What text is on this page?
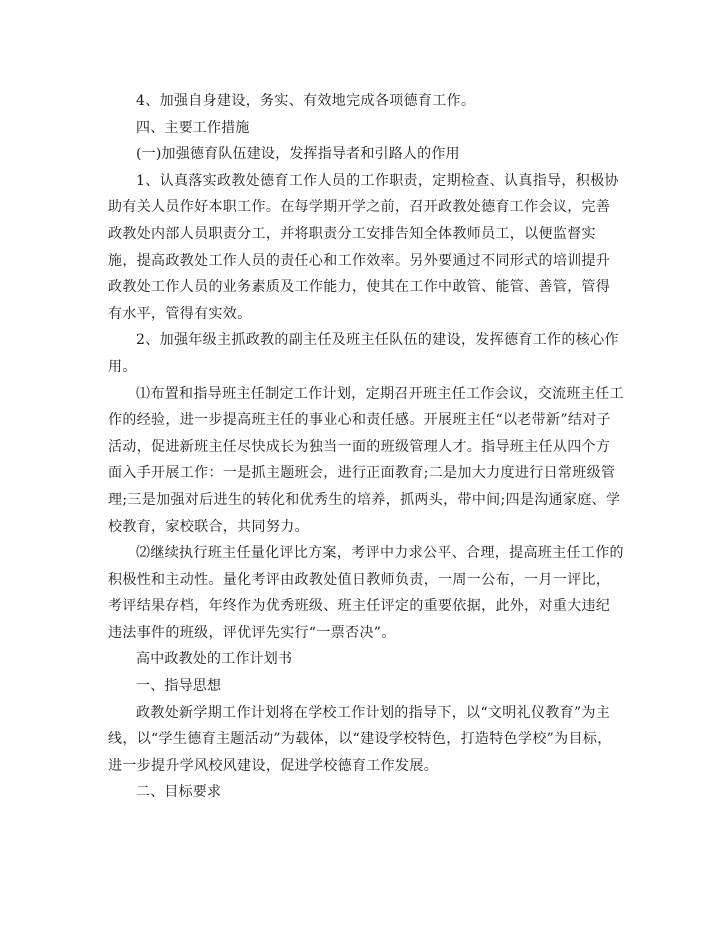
4、加强自身建设，务实、有效地完成各项德育工作。

四、主要工作措施

(一)加强德育队伍建设，发挥指导者和引路人的作用

1、认真落实政教处德育工作人员的工作职责，定期检查、认真指导，积极协助有关人员作好本职工作。在每学期开学之前，召开政教处德育工作会议，完善政教处内部人员职责分工，并将职责分工安排告知全体教师员工，以便监督实施，提高政教处工作人员的责任心和工作效率。另外要通过不同形式的培训提升政教处工作人员的业务素质及工作能力，使其在工作中敢管、能管、善管，管得有水平，管得有实效。

2、加强年级主抓政教的副主任及班主任队伍的建设，发挥德育工作的核心作用。

⑴布置和指导班主任制定工作计划，定期召开班主任工作会议，交流班主任工作的经验，进一步提高班主任的事业心和责任感。开展班主任“以老带新”结对子活动，促进新班主任尽快成长为独当一面的班级管理人才。指导班主任从四个方面入手开展工作：一是抓主题班会，进行正面教育;二是加大力度进行日常班级管理;三是加强对后进生的转化和优秀生的培养，抓两头，带中间;四是沟通家庭、学校教育，家校联合，共同努力。

⑵继续执行班主任量化评比方案，考评中力求公平、合理，提高班主任工作的积极性和主动性。量化考评由政教处值日教师负责，一周一公布，一月一评比，考评结果存档，年终作为优秀班级、班主任评定的重要依据，此外，对重大违纪违法事件的班级，评优评先实行“一票否决”。

高中政教处的工作计划书

一、指导思想

政教处新学期工作计划将在学校工作计划的指导下，以“文明礼仪教育”为主线，以“学生德育主题活动”为载体，以“建设学校特色，打造特色学校”为目标，进一步提升学风校风建设，促进学校德育工作发展。

二、目标要求
